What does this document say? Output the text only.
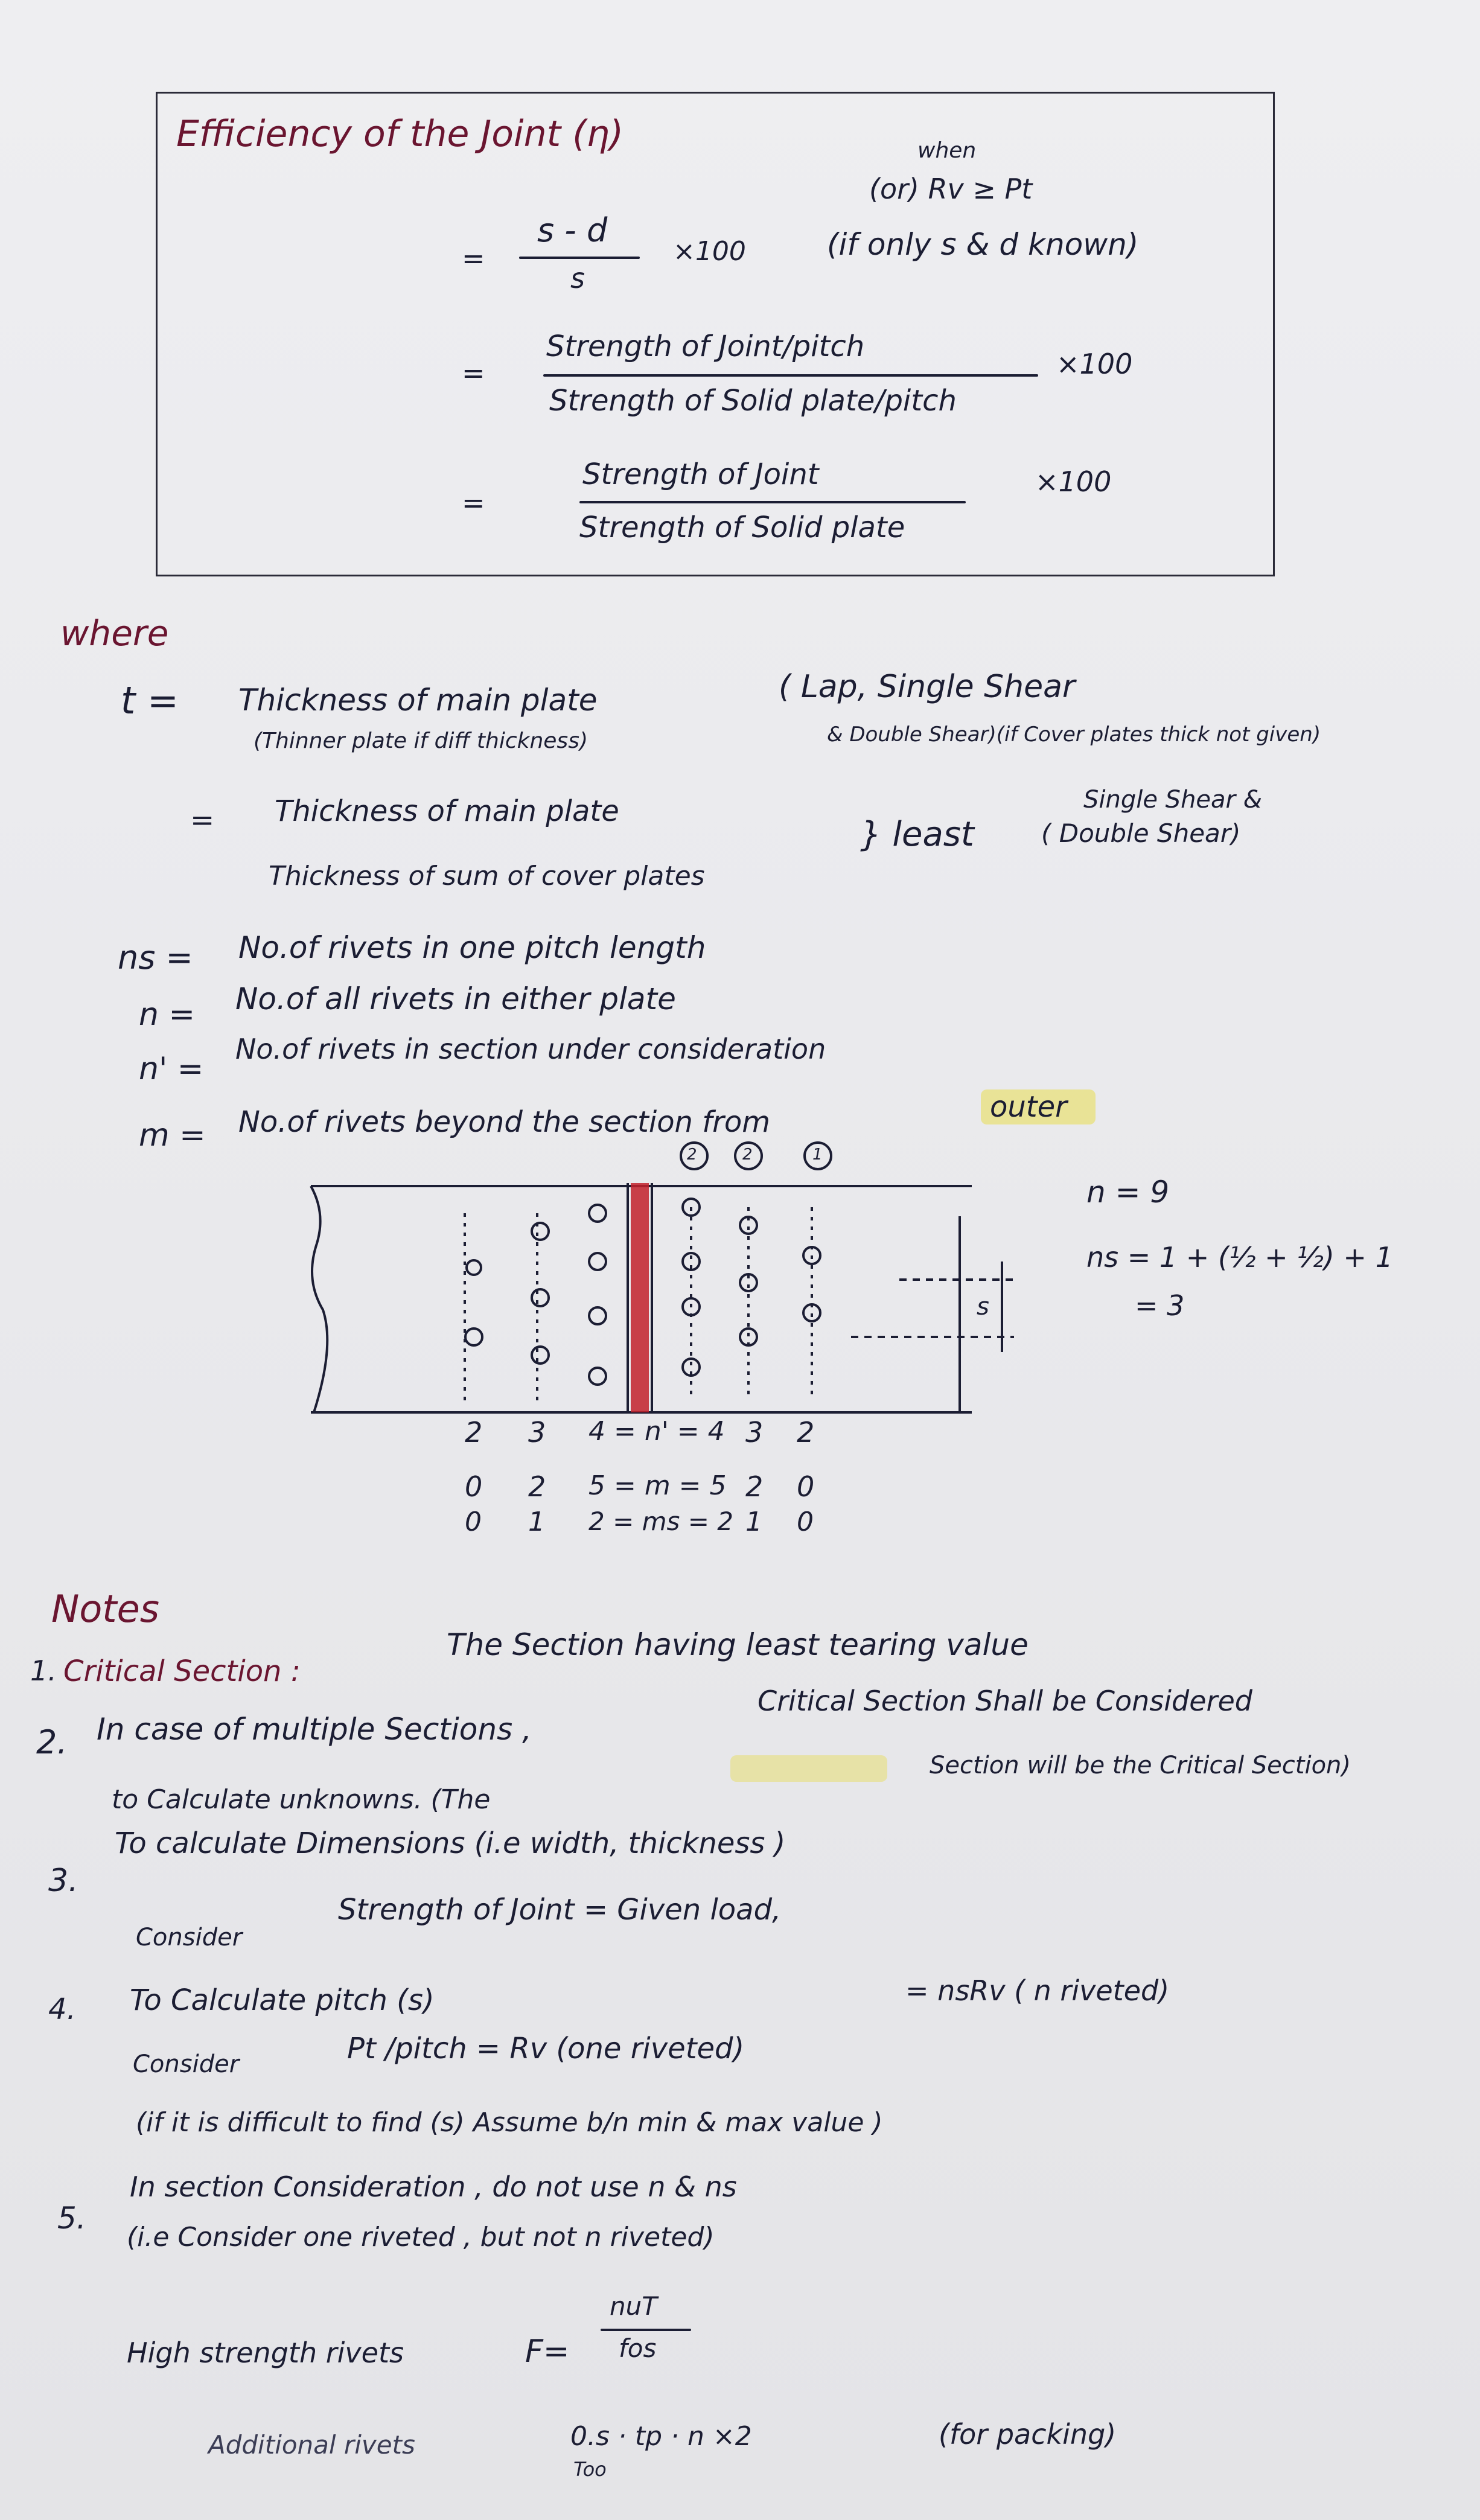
Efficiency of the Joint (η)	when
(or) Rv ≥ Pt
=
s - d
s
×100	(if only s & d known)
=
Strength of Joint/pitch
Strength of Solid plate/pitch
×100
=
Strength of Joint
Strength of Solid plate
×100
where
t = Thickness of main plate
(Thinner plate if diff thickness)
( Lap, Single Shear
& Double Shear)(if Cover plates thick not given)
= Thickness of main plate
Thickness of sum of cover plates
} least
Single Shear &
( Double Shear)
ns = No.of rivets in one pitch length
n = No.of all rivets in either plate
n' =
No.of rivets in section under consideration
m = No.of rivets beyond the section from	outer
2	2	1
s
2 3 4 = n' = 4 3 2
0 2 5 = m = 5 2 0
0 1 2 = ms = 2 1 0
n = 9
ns = 1 + (½ + ½) + 1
= 3
Notes
1. Critical Section :
The Section having least tearing value
2. In case of multiple Sections ,
Critical Section Shall be Considered
to Calculate unknowns. (The
Section will be the Critical Section)
3.
To calculate Dimensions (i.e width, thickness )
Consider
Strength of Joint = Given load,
4. To Calculate pitch (s)	= nsRv ( n riveted)
Consider	Pt /pitch = Rv (one riveted)
(if it is difficult to find (s) Assume b/n min & max value )
5.
In section Consideration , do not use n & ns
(i.e Consider one riveted , but not n riveted)
High strength rivets	F=
nuT
fos
Additional rivets	0.s · tp · n ×2
Too
(for packing)
